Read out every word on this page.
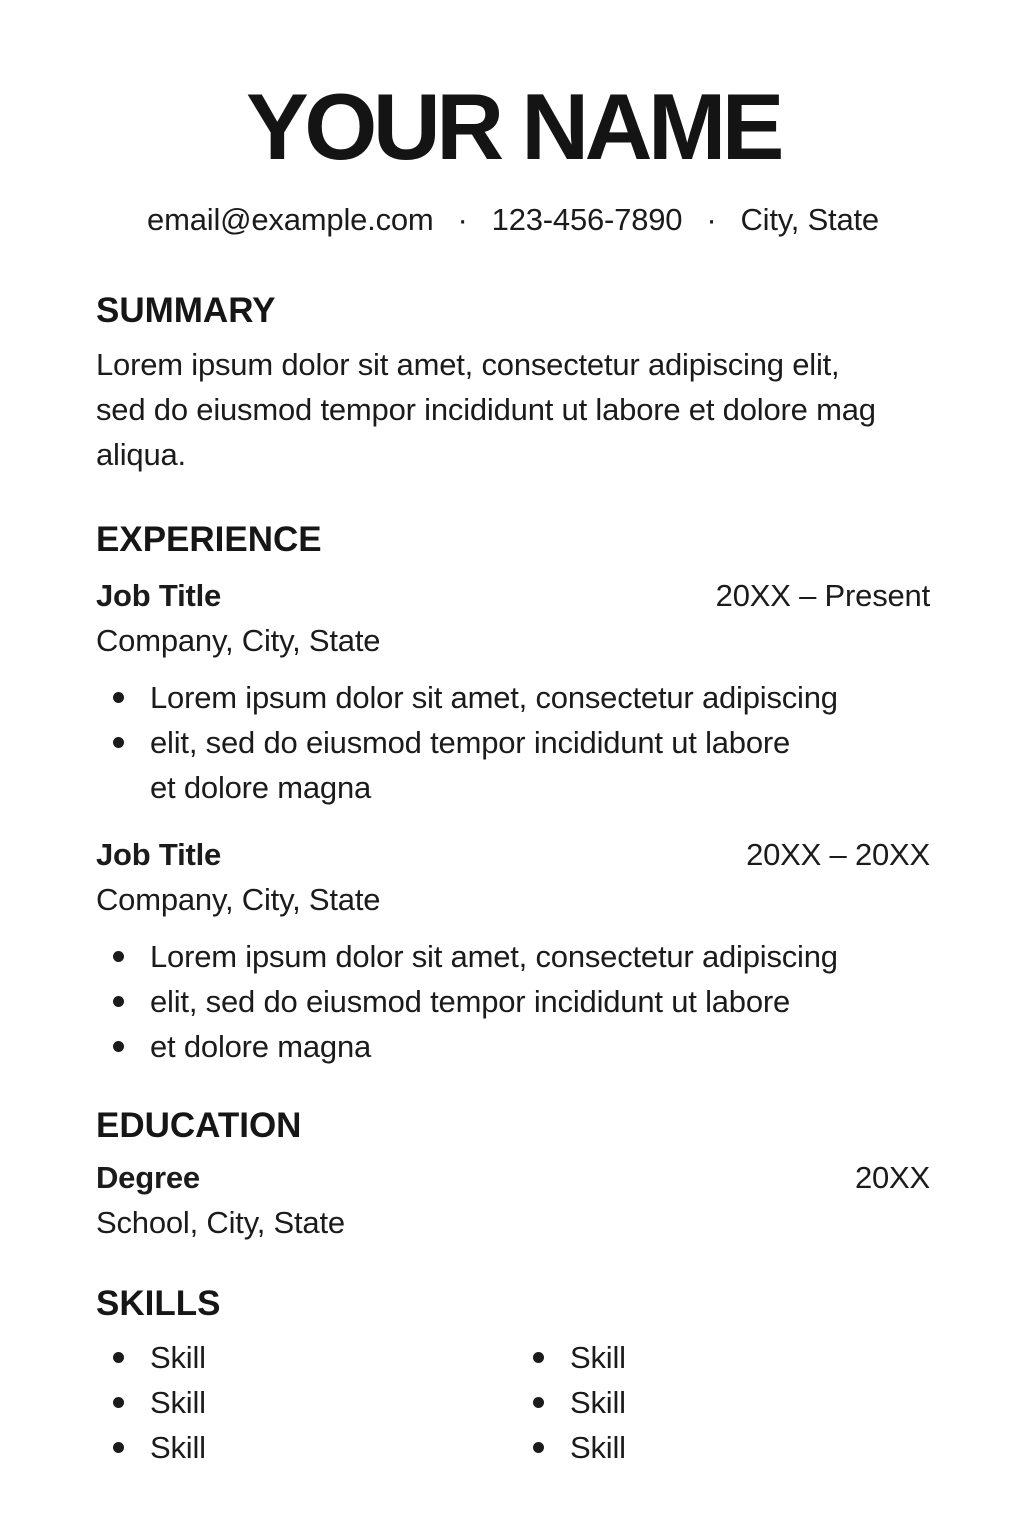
YOUR NAME
email@example.com · 123-456-7890 · City, State
SUMMARY
Lorem ipsum dolor sit amet, consectetur adipiscing elit,
sed do eiusmod tempor incididunt ut labore et dolore mag
aliqua.
EXPERIENCE
Job Title	20XX – Present
Company, City, State
Lorem ipsum dolor sit amet, consectetur adipiscing
elit, sed do eiusmod tempor incididunt ut labore
et dolore magna
Job Title	20XX – 20XX
Company, City, State
Lorem ipsum dolor sit amet, consectetur adipiscing
elit, sed do eiusmod tempor incididunt ut labore
et dolore magna
EDUCATION
Degree	20XX
School, City, State
SKILLS
Skill
Skill
Skill
Skill
Skill
Skill
